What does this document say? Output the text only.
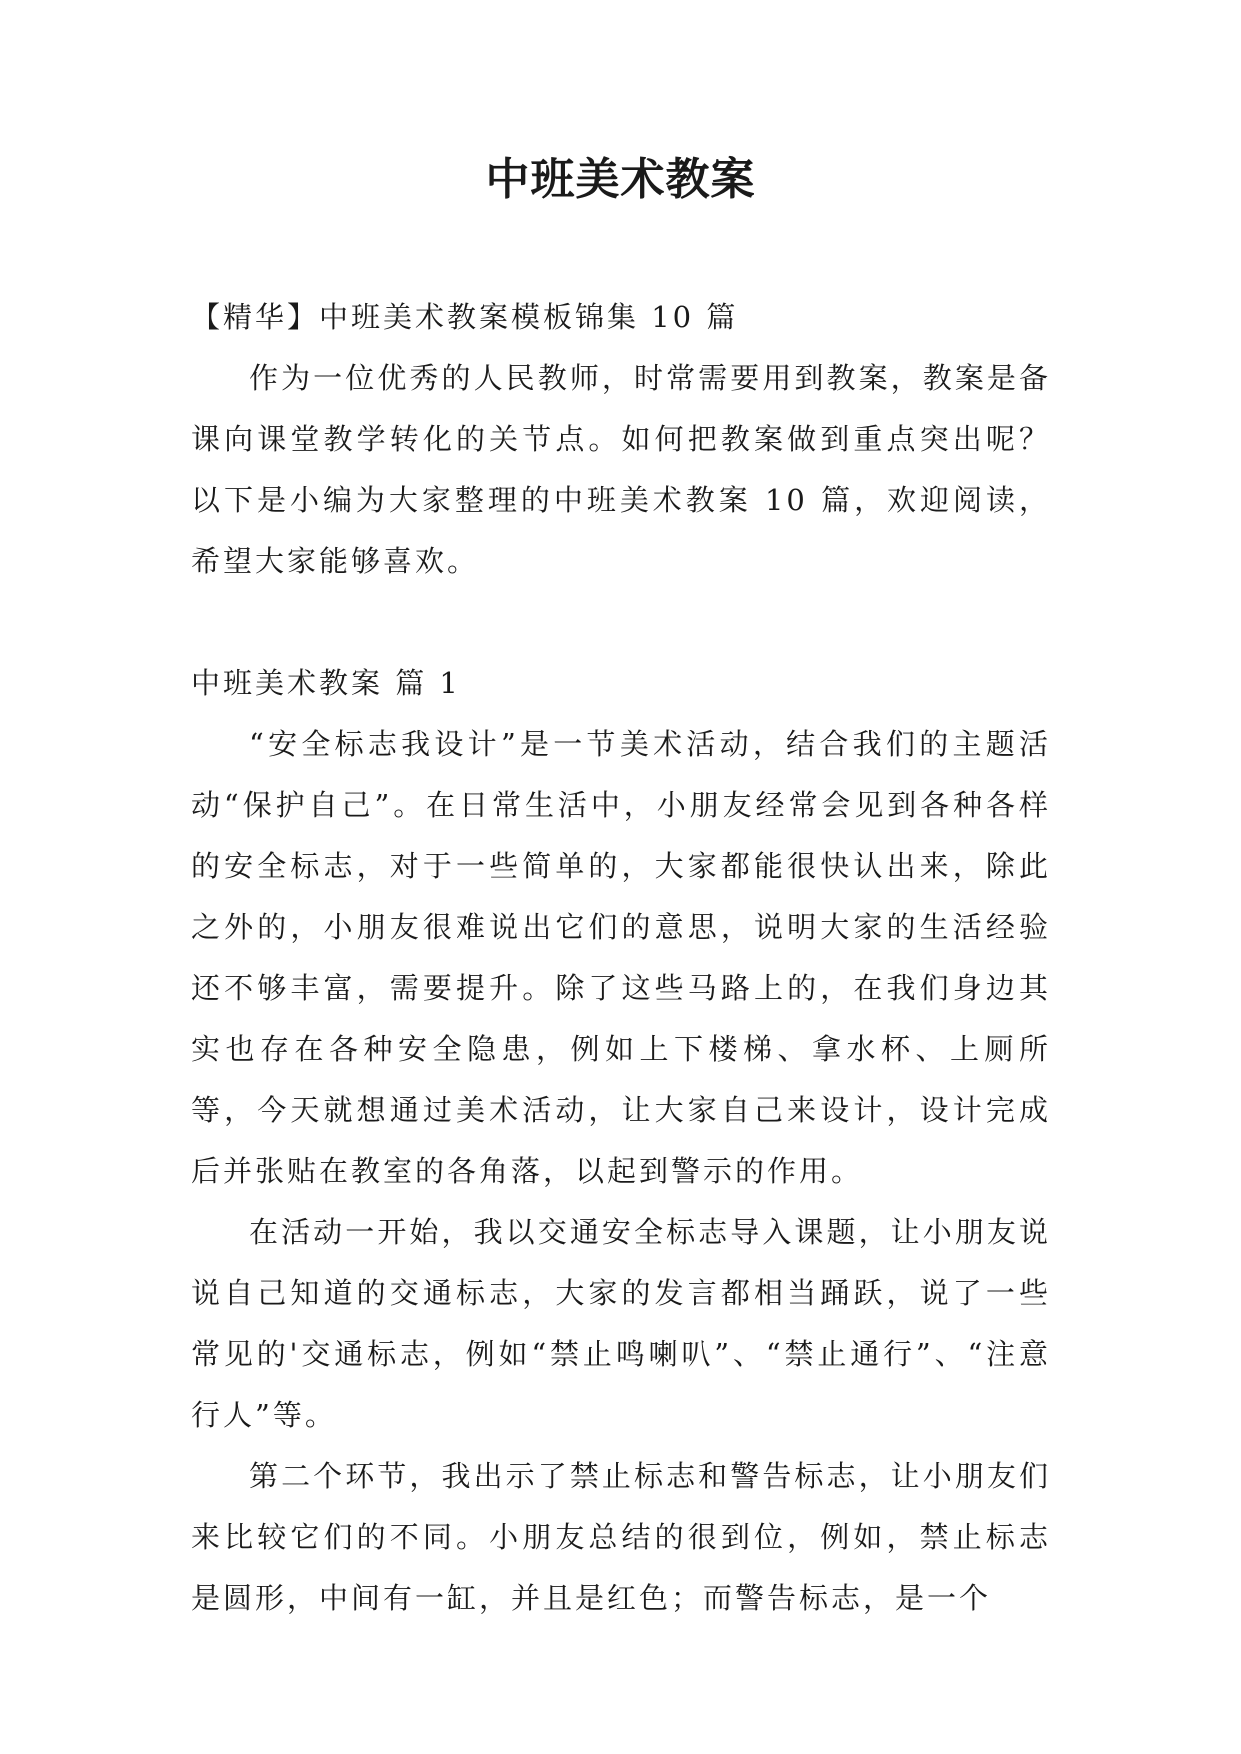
中班美术教案

【精华】中班美术教案模板锦集 10 篇

作为一位优秀的人民教师，时常需要用到教案，教案是备课向课堂教学转化的关节点。如何把教案做到重点突出呢？以下是小编为大家整理的中班美术教案 10 篇，欢迎阅读，希望大家能够喜欢。

中班美术教案 篇 1

“安全标志我设计”是一节美术活动，结合我们的主题活动“保护自己”。在日常生活中，小朋友经常会见到各种各样的安全标志，对于一些简单的，大家都能很快认出来，除此之外的，小朋友很难说出它们的意思，说明大家的生活经验还不够丰富，需要提升。除了这些马路上的，在我们身边其实也存在各种安全隐患，例如上下楼梯、拿水杯、上厕所等，今天就想通过美术活动，让大家自己来设计，设计完成后并张贴在教室的各角落，以起到警示的作用。

在活动一开始，我以交通安全标志导入课题，让小朋友说说自己知道的交通标志，大家的发言都相当踊跃，说了一些常见的'交通标志，例如“禁止鸣喇叭”、“禁止通行”、“注意行人”等。

第二个环节，我出示了禁止标志和警告标志，让小朋友们来比较它们的不同。小朋友总结的很到位，例如，禁止标志是圆形，中间有一缸，并且是红色；而警告标志，是一个
